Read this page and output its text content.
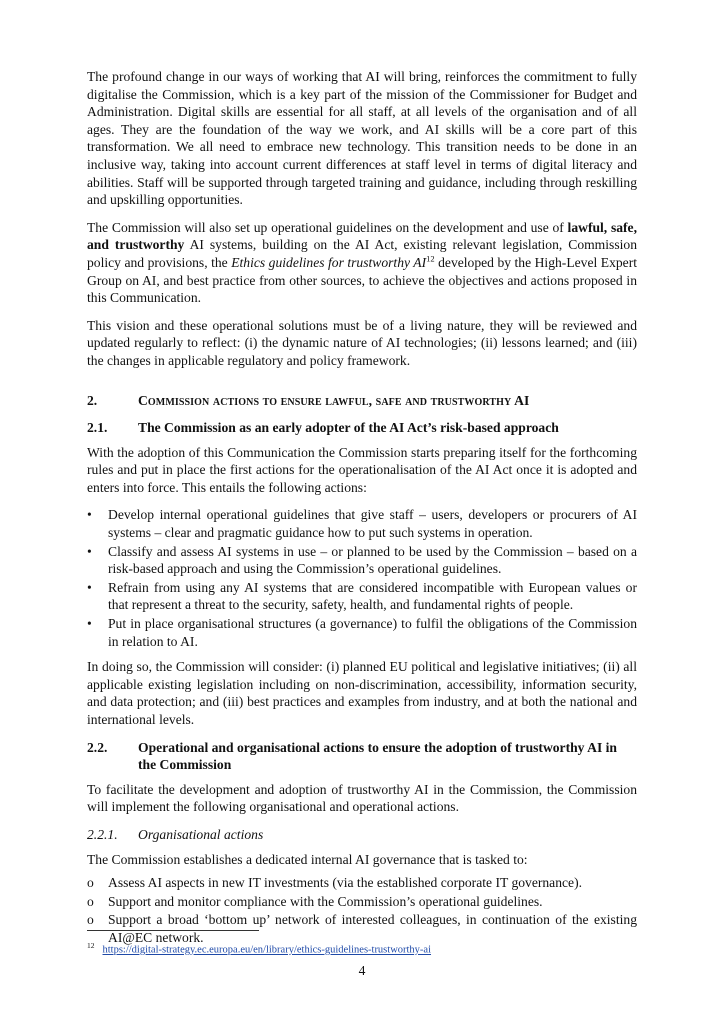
The profound change in our ways of working that AI will bring, reinforces the commitment to fully digitalise the Commission, which is a key part of the mission of the Commissioner for Budget and Administration. Digital skills are essential for all staff, at all levels of the organisation and of all ages. They are the foundation of the way we work, and AI skills will be a core part of this transformation. We all need to embrace new technology. This transition needs to be done in an inclusive way, taking into account current differences at staff level in terms of digital literacy and abilities. Staff will be supported through targeted training and guidance, including through reskilling and upskilling opportunities.

The Commission will also set up operational guidelines on the development and use of lawful, safe, and trustworthy AI systems, building on the AI Act, existing relevant legislation, Commission policy and provisions, the Ethics guidelines for trustworthy AI$^{12}$ developed by the High-Level Expert Group on AI, and best practice from other sources, to achieve the objectives and actions proposed in this Communication.

This vision and these operational solutions must be of a living nature, they will be reviewed and updated regularly to reflect: (i) the dynamic nature of AI technologies; (ii) lessons learned; and (iii) the changes in applicable regulatory and policy framework.

2.	Commission actions to ensure lawful, safe and trustworthy AI
2.1.	The Commission as an early adopter of the AI Act’s risk-based approach

With the adoption of this Communication the Commission starts preparing itself for the forthcoming rules and put in place the first actions for the operationalisation of the AI Act once it is adopted and enters into force. This entails the following actions:

• Develop internal operational guidelines that give staff – users, developers or procurers of AI systems – clear and pragmatic guidance how to put such systems in operation.
• Classify and assess AI systems in use – or planned to be used by the Commission – based on a risk-based approach and using the Commission’s operational guidelines.
• Refrain from using any AI systems that are considered incompatible with European values or that represent a threat to the security, safety, health, and fundamental rights of people.
• Put in place organisational structures (a governance) to fulfil the obligations of the Commission in relation to AI.

In doing so, the Commission will consider: (i) planned EU political and legislative initiatives; (ii) all applicable existing legislation including on non-discrimination, accessibility, information security, and data protection; and (iii) best practices and examples from industry, and at both the national and international levels.

2.2.	Operational and organisational actions to ensure the adoption of trustworthy AI in the Commission

To facilitate the development and adoption of trustworthy AI in the Commission, the Commission will implement the following organisational and operational actions.

2.2.1.	Organisational actions

The Commission establishes a dedicated internal AI governance that is tasked to:

o Assess AI aspects in new IT investments (via the established corporate IT governance).
o Support and monitor compliance with the Commission’s operational guidelines.
o Support a broad ‘bottom up’ network of interested colleagues, in continuation of the existing AI@EC network.
$^{12}$ https://digital-strategy.ec.europa.eu/en/library/ethics-guidelines-trustworthy-ai
4
